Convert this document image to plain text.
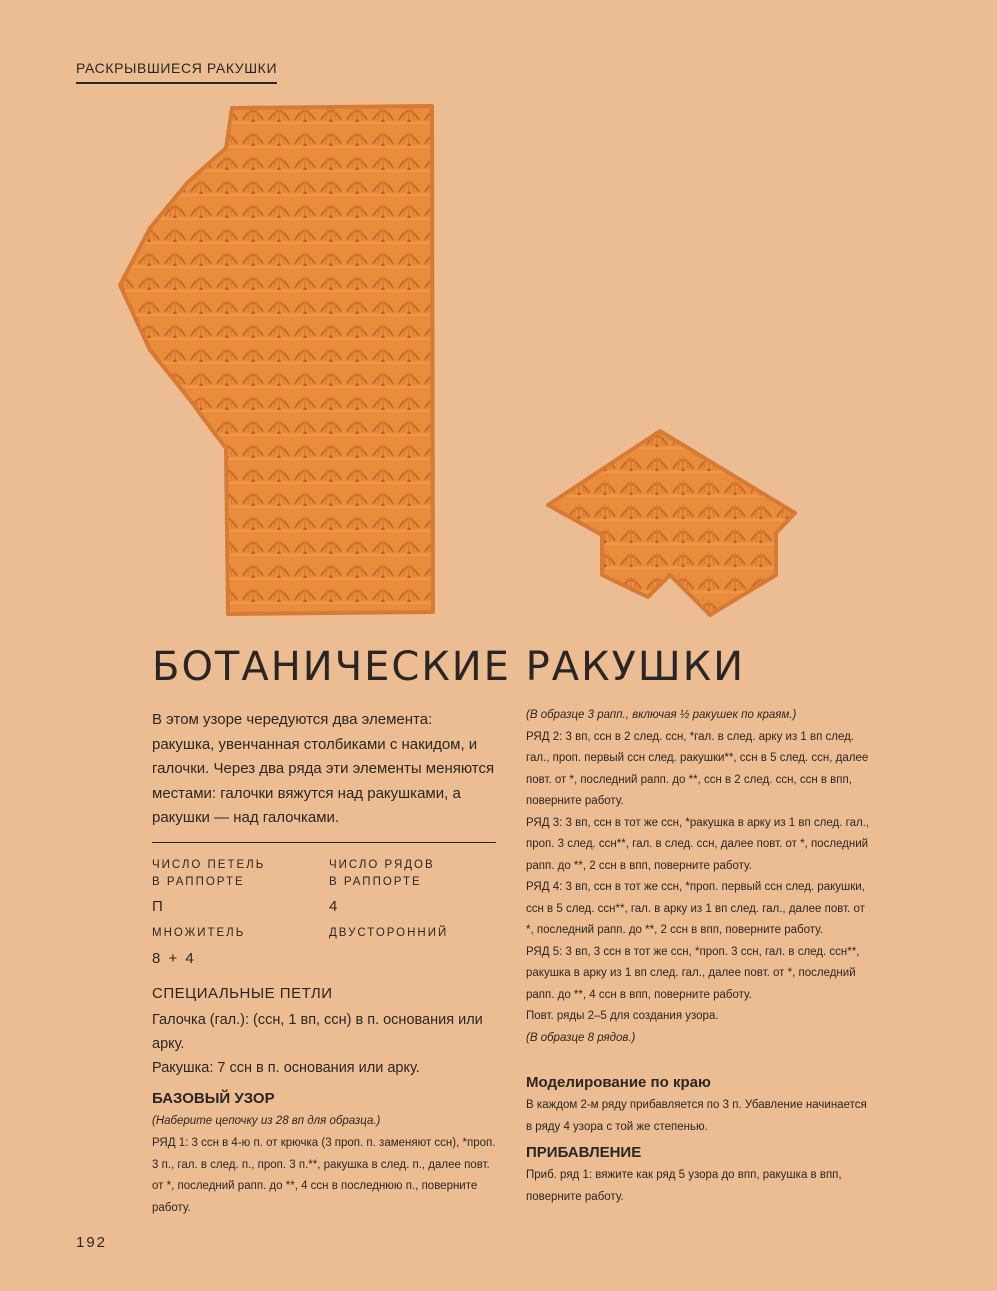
РАСКРЫВШИЕСЯ РАКУШКИ
БОТАНИЧЕСКИЕ РАКУШКИ
В этом узоре чередуются два элемента: ракушка, увенчанная столбиками с накидом, и галочки. Через два ряда эти элементы меняются местами: галочки вяжутся над ракушками, а ракушки — над галочками.
ЧИСЛО ПЕТЕЛЬ
В РАППОРТЕ
П
ЧИСЛО РЯДОВ
В РАППОРТЕ
4
МНОЖИТЕЛЬ
8 + 4
ДВУСТОРОННИЙ
СПЕЦИАЛЬНЫЕ ПЕТЛИ
Галочка (гал.): (ссн, 1 вп, ссн) в п. основания или арку.
Ракушка: 7 ссн в п. основания или арку.
БАЗОВЫЙ УЗОР
(Наберите цепочку из 28 вп для образца.)
РЯД 1: 3 ссн в 4-ю п. от крючка (3 проп. п. заменяют ссн), *проп. 3 п., гал. в след. п., проп. 3 п.**, ракушка в след. п., далее повт. от *, последний рапп. до **, 4 ссн в последнюю п., поверните работу.

(В образце 3 рапп., включая ½ ракушек по краям.)

РЯД 2: 3 вп, ссн в 2 след. ссн, *гал. в след. арку из 1 вп след. гал., проп. первый ссн след. ракушки**, ссн в 5 след. ссн, далее повт. от *, последний рапп. до **, ссн в 2 след. ссн, ссн в впп, поверните работу.

РЯД 3: 3 вп, ссн в тот же ссн, *ракушка в арку из 1 вп след. гал., проп. 3 след. ссн**, гал. в след. ссн, далее повт. от *, последний рапп. до **, 2 ссн в впп, поверните работу.

РЯД 4: 3 вп, ссн в тот же ссн, *проп. первый ссн след. ракушки, ссн в 5 след. ссн**, гал. в арку из 1 вп след. гал., далее повт. от *, последний рапп. до **, 2 ссн в впп, поверните работу.

РЯД 5: 3 вп, 3 ссн в тот же ссн, *проп. 3 ссн, гал. в след. ссн**, ракушка в арку из 1 вп след. гал., далее повт. от *, последний рапп. до **, 4 ссн в впп, поверните работу.

Повт. ряды 2–5 для создания узора.

(В образце 8 рядов.)

Моделирование по краю
В каждом 2-м ряду прибавляется по 3 п. Убавление начинается в ряду 4 узора с той же степенью.
ПРИБАВЛЕНИЕ
Приб. ряд 1: вяжите как ряд 5 узора до впп, ракушка в впп, поверните работу.
192
